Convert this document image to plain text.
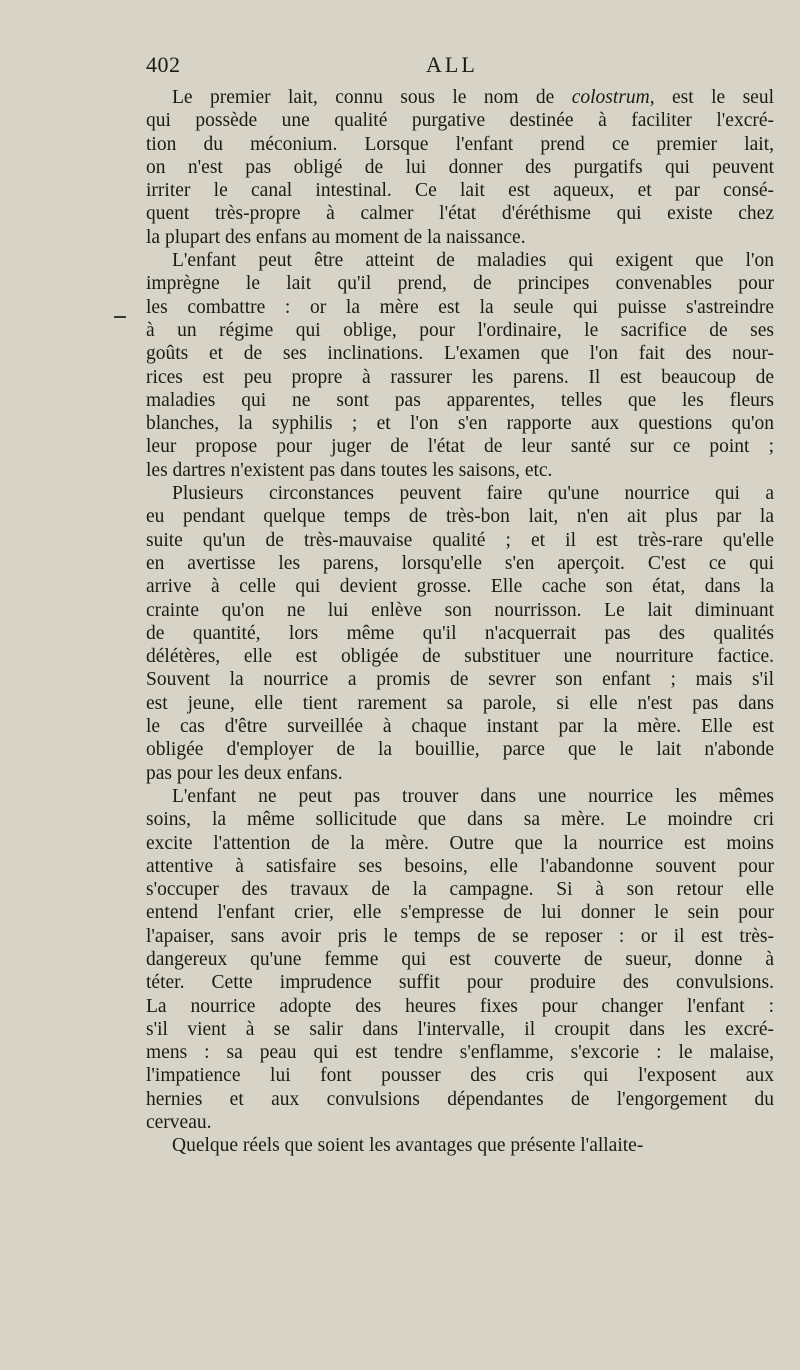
402	ALL

Le premier lait, connu sous le nom de colostrum, est le seul
qui possède une qualité purgative destinée à faciliter l'excré-
tion du méconium. Lorsque l'enfant prend ce premier lait,
on n'est pas obligé de lui donner des purgatifs qui peuvent
irriter le canal intestinal. Ce lait est aqueux, et par consé-
quent très-propre à calmer l'état d'éréthisme qui existe chez
la plupart des enfans au moment de la naissance.

L'enfant peut être atteint de maladies qui exigent que l'on
imprègne le lait qu'il prend, de principes convenables pour
les combattre : or la mère est la seule qui puisse s'astreindre
à un régime qui oblige, pour l'ordinaire, le sacrifice de ses
goûts et de ses inclinations. L'examen que l'on fait des nour-
rices est peu propre à rassurer les parens. Il est beaucoup de
maladies qui ne sont pas apparentes, telles que les fleurs
blanches, la syphilis ; et l'on s'en rapporte aux questions qu'on
leur propose pour juger de l'état de leur santé sur ce point ;
les dartres n'existent pas dans toutes les saisons, etc.

Plusieurs circonstances peuvent faire qu'une nourrice qui a
eu pendant quelque temps de très-bon lait, n'en ait plus par la
suite qu'un de très-mauvaise qualité ; et il est très-rare qu'elle
en avertisse les parens, lorsqu'elle s'en aperçoit. C'est ce qui
arrive à celle qui devient grosse. Elle cache son état, dans la
crainte qu'on ne lui enlève son nourrisson. Le lait diminuant
de quantité, lors même qu'il n'acquerrait pas des qualités
délétères, elle est obligée de substituer une nourriture factice.
Souvent la nourrice a promis de sevrer son enfant ; mais s'il
est jeune, elle tient rarement sa parole, si elle n'est pas dans
le cas d'être surveillée à chaque instant par la mère. Elle est
obligée d'employer de la bouillie, parce que le lait n'abonde
pas pour les deux enfans.

L'enfant ne peut pas trouver dans une nourrice les mêmes
soins, la même sollicitude que dans sa mère. Le moindre cri
excite l'attention de la mère. Outre que la nourrice est moins
attentive à satisfaire ses besoins, elle l'abandonne souvent pour
s'occuper des travaux de la campagne. Si à son retour elle
entend l'enfant crier, elle s'empresse de lui donner le sein pour
l'apaiser, sans avoir pris le temps de se reposer : or il est très-
dangereux qu'une femme qui est couverte de sueur, donne à
téter. Cette imprudence suffit pour produire des convulsions.
La nourrice adopte des heures fixes pour changer l'enfant :
s'il vient à se salir dans l'intervalle, il croupit dans les excré-
mens : sa peau qui est tendre s'enflamme, s'excorie : le malaise,
l'impatience lui font pousser des cris qui l'exposent aux
hernies et aux convulsions dépendantes de l'engorgement du
cerveau.

Quelque réels que soient les avantages que présente l'allaite-
